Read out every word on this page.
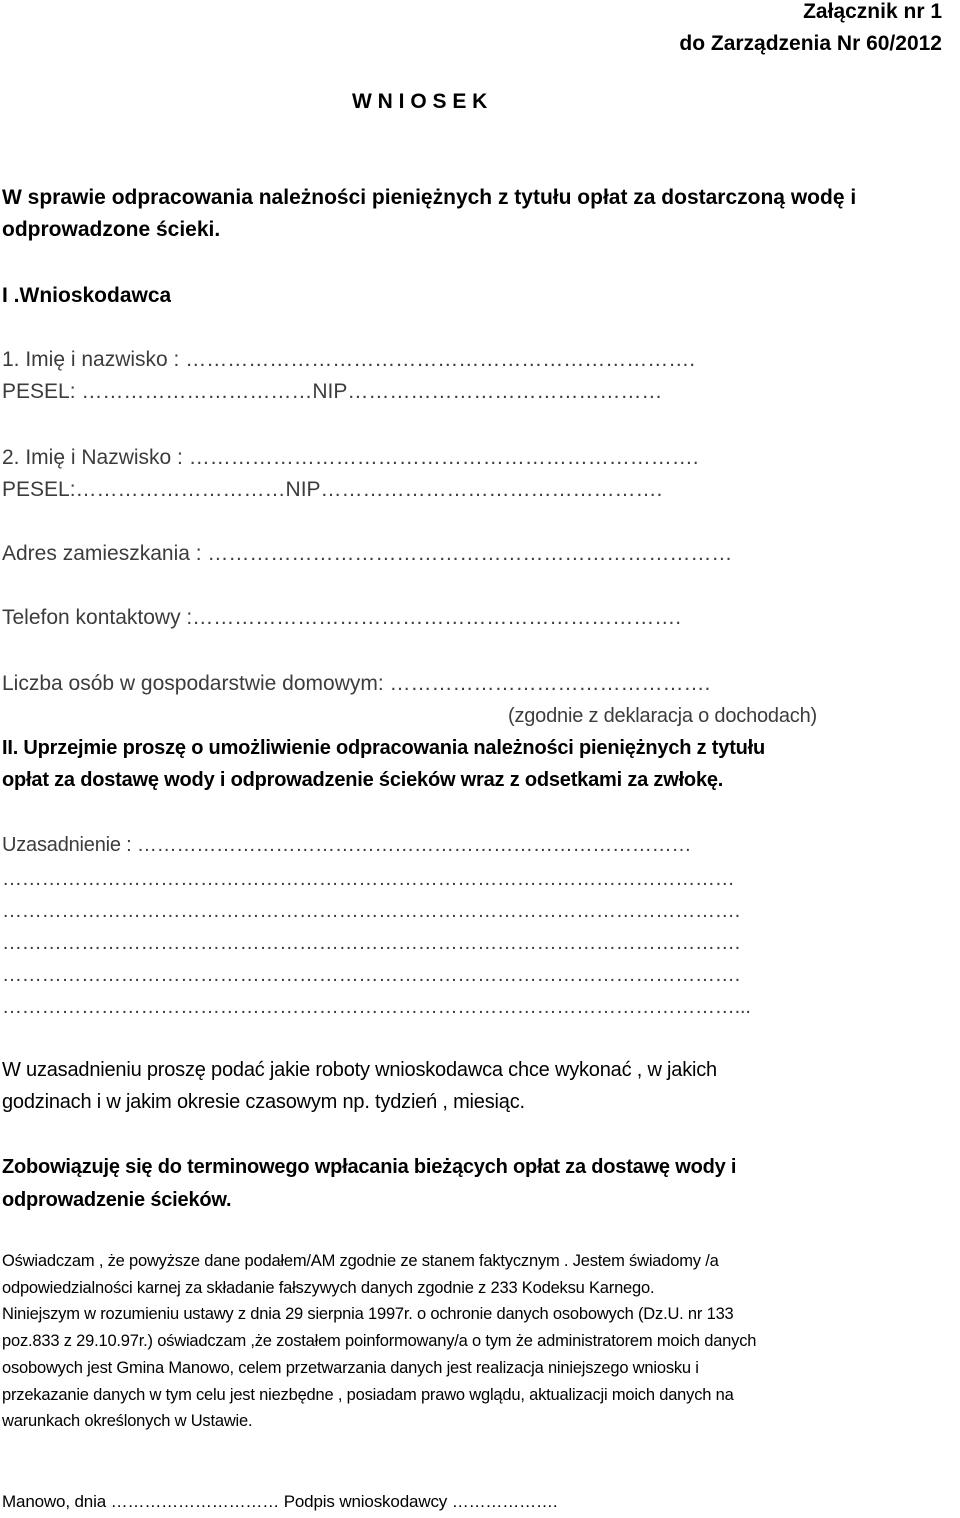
Załącznik nr 1
do Zarządzenia Nr 60/2012
W N I O S E K
W sprawie odpracowania należności pieniężnych z tytułu opłat za dostarczoną wodę i
odprowadzone ścieki.
I .Wnioskodawca
1. Imię i nazwisko : ……………………………………………………………….
PESEL: ……………………………NIP………………………………………
2. Imię i Nazwisko : ……………………………………………………………….
PESEL:…………………………NIP………………………………………….
Adres zamieszkania : …………………………………………………………………
Telefon kontaktowy :…………………………………………………………….
Liczba osób w gospodarstwie domowym: ……………………………………….
(zgodnie z deklaracja o dochodach)
II. Uprzejmie proszę o umożliwienie odpracowania należności pieniężnych z tytułu
opłat za dostawę wody i odprowadzenie ścieków wraz z odsetkami za zwłokę.
Uzasadnienie : …………………………………………………………………………
…………………………………………………………………………………………………
………………………………………………………………………………………………….
………………………………………………………………………………………………….
………………………………………………………………………………………………….
…………………………………………………………………………………………………...
W uzasadnieniu proszę podać jakie roboty wnioskodawca chce wykonać , w jakich
godzinach i w jakim okresie czasowym np. tydzień , miesiąc.
Zobowiązuję się do terminowego wpłacania bieżących opłat za dostawę wody i
odprowadzenie ścieków.
Oświadczam , że powyższe dane podałem/AM zgodnie ze stanem faktycznym . Jestem świadomy /a
odpowiedzialności karnej za składanie fałszywych danych zgodnie z 233 Kodeksu Karnego.
Niniejszym w rozumieniu ustawy z dnia 29 sierpnia 1997r. o ochronie danych osobowych (Dz.U. nr 133
poz.833 z 29.10.97r.) oświadczam ,że zostałem poinformowany/a o tym że administratorem moich danych
osobowych jest Gmina Manowo, celem przetwarzania danych jest realizacja niniejszego wniosku i
przekazanie danych w tym celu jest niezbędne , posiadam prawo wglądu, aktualizacji moich danych na
warunkach określonych w Ustawie.
Manowo, dnia ………………………… Podpis wnioskodawcy ……………….
